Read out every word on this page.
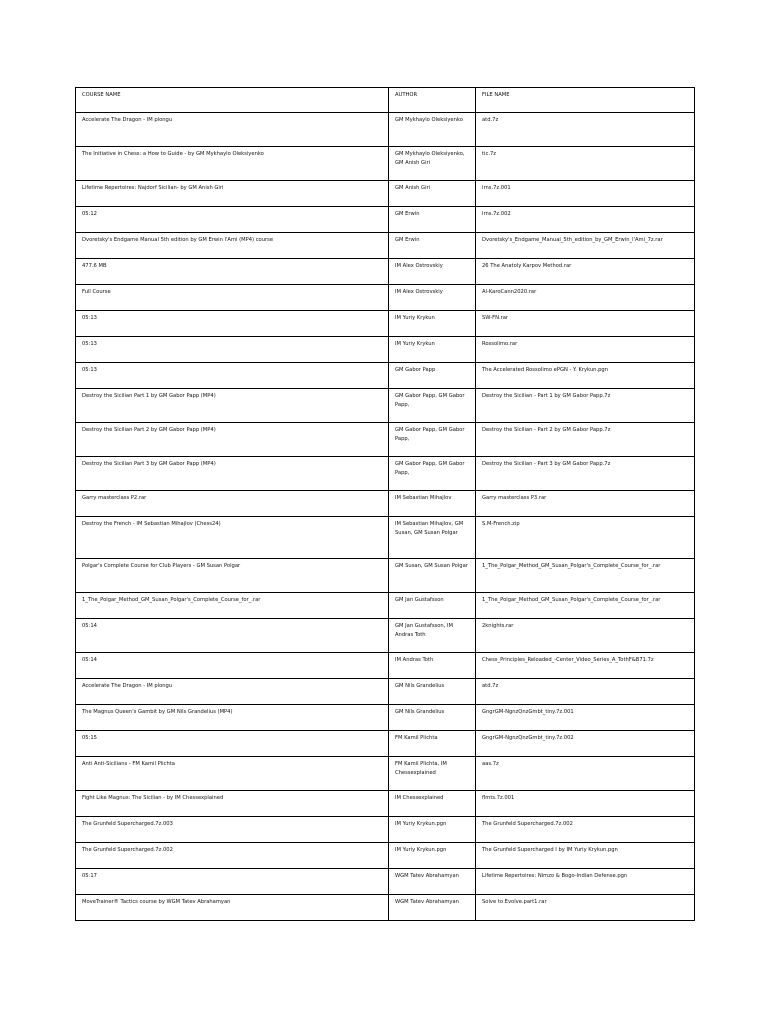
COURSE NAME	AUTHOR	FILE NAME
Accelerate The Dragon - IM plongu	GM Mykhaylo Oleksiyenko	atd.7z
The Initiative in Chess: a How to Guide - by GM Mykhaylo Oleksiyenko	GM Mykhaylo Oleksiyenko, GM Anish Giri	tic.7z
Lifetime Repertoires: Najdorf Sicilian- by GM Anish Giri	GM Anish Giri	lrns.7z.001
05:12	GM Erwin	lrns.7z.002
Dvoretsky's Endgame Manual 5th edition by GM Erwin l'Ami (MP4) course	GM Erwin	Dvoretsky's_Endgame_Manual_5th_edition_by_GM_Erwin_l'Ami_7z.rar
477.6 MB	IM Alex Ostrovskiy	26 The Anatoly Karpov Method.rar
Full Course	IM Alex Ostrovskiy	Al-KaroCann2020.rar
05:13	IM Yuriy Krykun	SW-FN.rar
05:13	IM Yuriy Krykun	Rossolimo.rar
05:13	GM Gabor Papp	The Accelerated Rossolimo ePGN - Y. Krykun.pgn
Destroy the Sicilian Part 1 by GM Gabor Papp (MP4)	GM Gabor Papp, GM Gabor Papp,	Destroy the Sicilian - Part 1 by GM Gabor Papp.7z
Destroy the Sicilian Part 2 by GM Gabor Papp (MP4)	GM Gabor Papp, GM Gabor Papp,	Destroy the Sicilian - Part 2 by GM Gabor Papp.7z
Destroy the Sicilian Part 3 by GM Gabor Papp (MP4)	GM Gabor Papp, GM Gabor Papp,	Destroy the Sicilian - Part 3 by GM Gabor Papp.7z
Garry masterclass P2.rar	IM Sebastian Mihajlov	Garry masterclass P3.rar
Destroy the French - IM Sebastian Mihajlov (Chess24)	IM Sebastian Mihajlov, GM Susan, GM Susan Polgar	S.M-French.zip
Polgar's Complete Course for Club Players - GM Susan Polgar	GM Susan, GM Susan Polgar	1_The_Polgar_Method_GM_Susan_Polgar's_Complete_Course_for_.rar
1_The_Polgar_Method_GM_Susan_Polgar's_Complete_Course_for_.rar	GM Jan Gustafsson	1_The_Polgar_Method_GM_Susan_Polgar's_Complete_Course_for_.rar
05:14	GM Jan Gustafsson, IM Andras Toth	2knights.rar
05:14	IM Andras Toth	Chess_Principles_Reloaded_-Center_Video_Series_A_TothF&B71.7z
Accelerate The Dragon - IM plongu	GM Nils Grandelius	atd.7z
The Magnus Queen's Gambit by GM Nils Grandelius (MP4)	GM Nils Grandelius	GngrGM-NgnzQnzGmbt_tiny.7z.001
05:15	FM Kamil Plichta	GngrGM-NgnzQnzGmbt_tiny.7z.002
Anti Anti-Sicilians - FM Kamil Plichta	FM Kamil Plichta, IM Chessexplained	aas.7z
Fight Like Magnus: The Sicilian - by IM Chessexplained	IM Chessexplained	flmts.7z.001
The Grunfeld Supercharged.7z.003	IM Yuriy Krykun.pgn	The Grunfeld Supercharged.7z.002
The Grunfeld Supercharged.7z.002	IM Yuriy Krykun.pgn	The Grunfeld Supercharged I by IM Yuriy Krykun.pgn
05:17	WGM Tatev Abrahamyan	Lifetime Repertoires: Nimzo & Bogo-Indian Defense.pgn
MoveTrainer® Tactics course by WGM Tatev Abrahamyan	WGM Tatev Abrahamyan	Solve to Evolve.part1.rar
